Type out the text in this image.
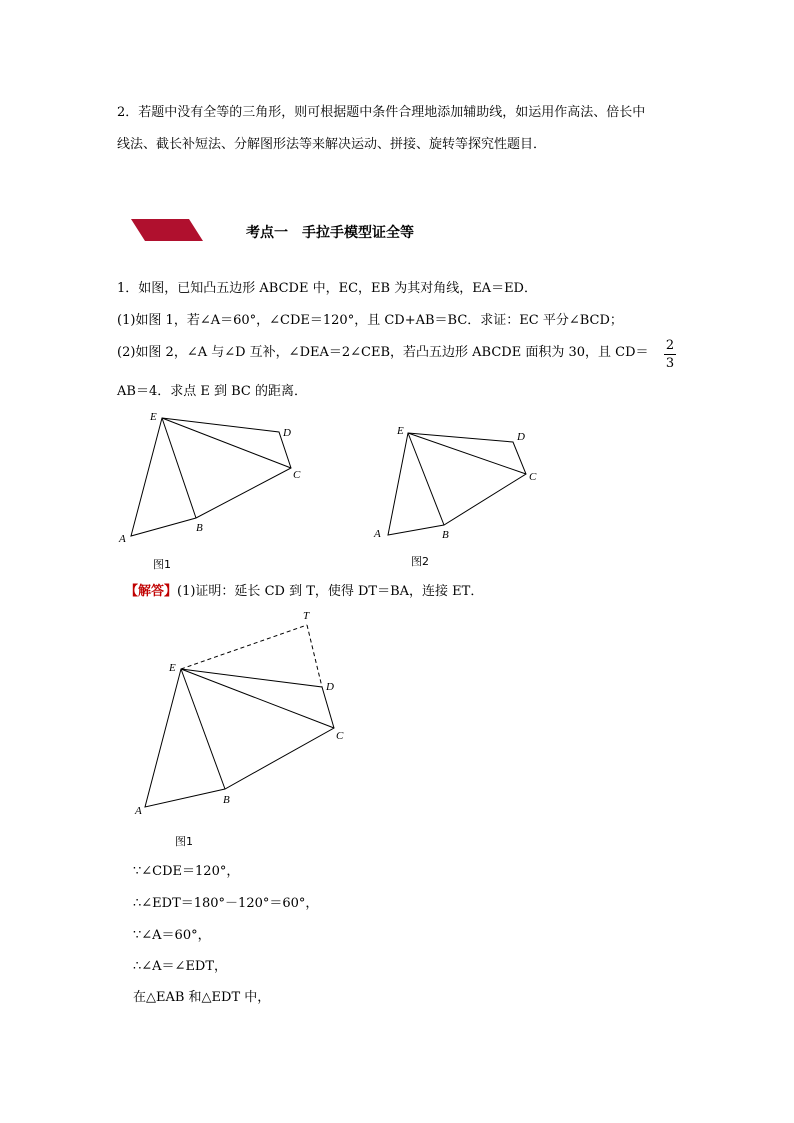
2．若题中没有全等的三角形，则可根据题中条件合理地添加辅助线，如运用作高法、倍长中
线法、截长补短法、分解图形法等来解决运动、拼接、旋转等探究性题目．
考点一 手拉手模型证全等
1．如图，已知凸五边形 ABCDE 中，EC，EB 为其对角线，EA＝ED．
(1)如图 1，若∠A＝60°，∠CDE＝120°，且 CD+AB＝BC．求证：EC 平分∠BCD；
(2)如图 2，∠A 与∠D 互补，∠DEA＝2∠CEB，若凸五边形 ABCDE 面积为 30，且 CD＝ 2
3
AB＝4．求点 E 到 BC 的距离．
E
D
C
B
A
图1
E	D
C
B
A
图2
【解答】(1)证明：延长 CD 到 T，使得 DT＝BA，连接 ET．
T
E
D
C
B
A
图1
∵∠CDE＝120°，
∴∠EDT＝180°－120°＝60°，
∵∠A＝60°，
∴∠A＝∠EDT，
在△EAB 和△EDT 中，
